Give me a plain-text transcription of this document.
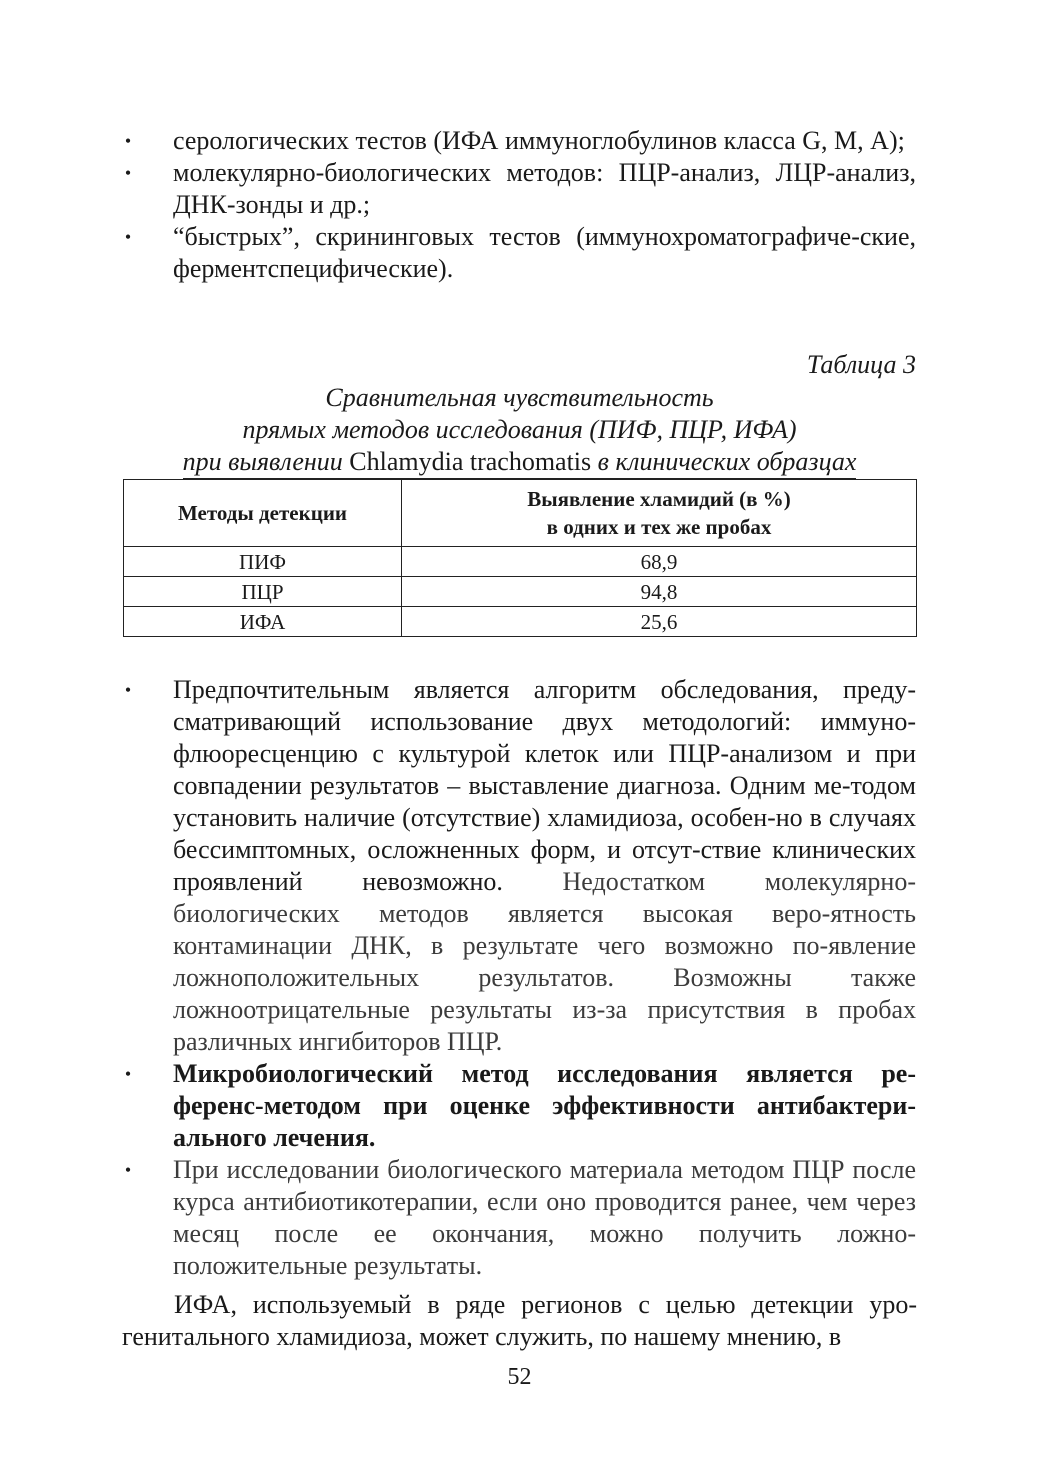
• серологических тестов (ИФА иммуноглобулинов класса G, М, А);
• молекулярно-биологических методов: ПЦР-анализ, ЛЦР-анализ, ДНК-зонды и др.;
• “быстрых”, скрининговых тестов (иммунохроматографиче-ские, ферментспецифические).
Таблица 3
Сравнительная чувствительность
прямых методов исследования (ПИФ, ПЦР, ИФА)
при выявлении Chlamydia trachomatis в клинических образцах
Методы детекции	Выявление хламидий (в %)
в одних и тех же пробах

ПИФ	68,9
ПЦР	94,8
ИФА	25,6
• Предпочтительным является алгоритм обследования, преду-сматривающий использование двух методологий: иммуно-флюоресценцию с культурой клеток или ПЦР-анализом и при совпадении результатов – выставление диагноза. Одним ме-тодом установить наличие (отсутствие) хламидиоза, особен-но в случаях бессимптомных, осложненных форм, и отсут-ствие клинических проявлений невозможно. Недостатком молекулярно-биологических методов является высокая веро-ятность контаминации ДНК, в результате чего возможно по-явление ложноположительных результатов. Возможны также ложноотрицательные результаты из-за присутствия в пробах различных ингибиторов ПЦР.
• Микробиологический метод исследования является ре-ференс-методом при оценке эффективности антибактери-ального лечения.
• При исследовании биологического материала методом ПЦР после курса антибиотикотерапии, если оно проводится ранее, чем через месяц после ее окончания, можно получить ложно-положительные результаты.

ИФА, используемый в ряде регионов с целью детекции уро-генитального хламидиоза, может служить, по нашему мнению, в

52
